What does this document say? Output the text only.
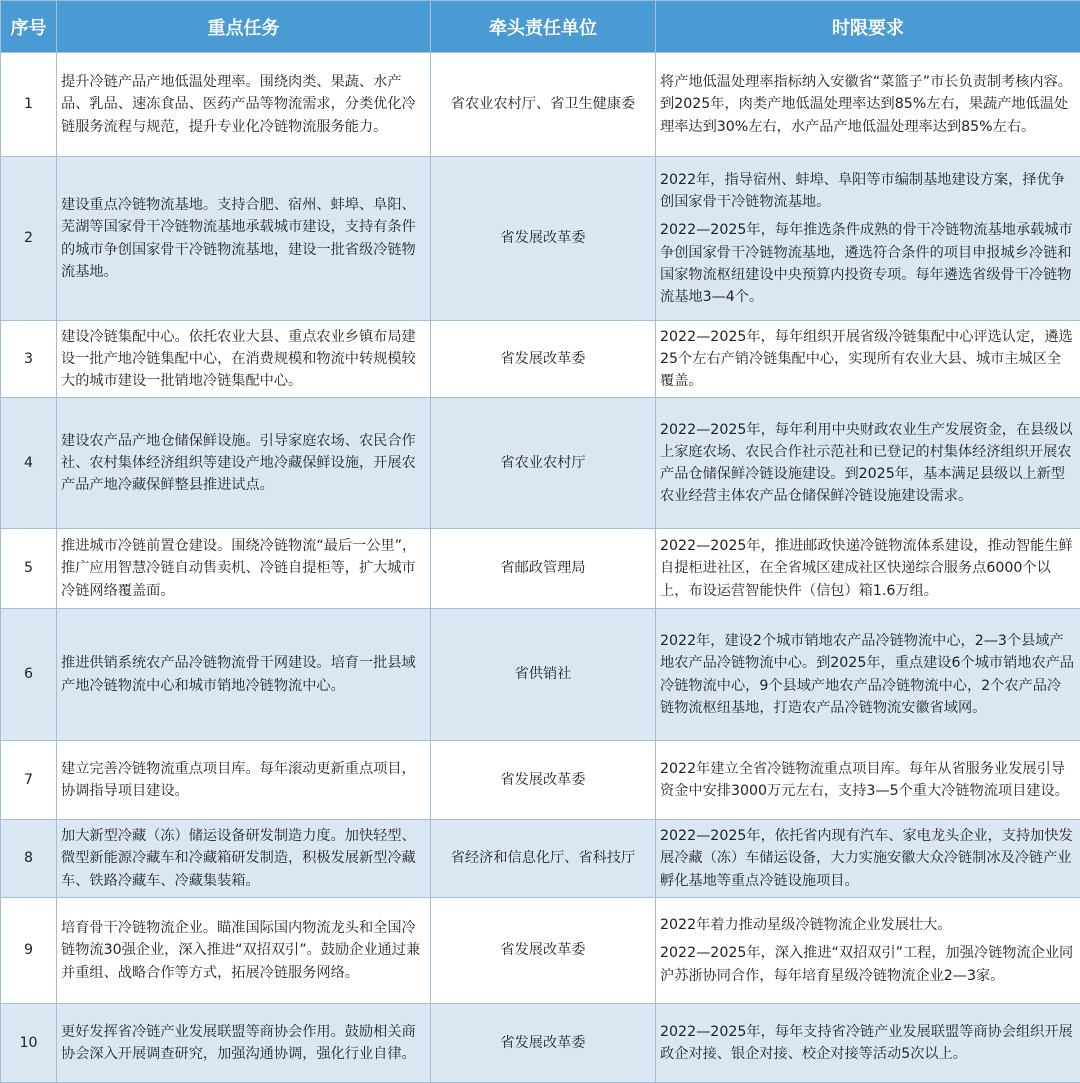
序号	重点任务	牵头责任单位	时限要求
1	提升冷链产品产地低温处理率。围绕肉类、果蔬、水产品、乳品、速冻食品、医药产品等物流需求，分类优化冷链服务流程与规范，提升专业化冷链物流服务能力。	省农业农村厅、省卫生健康委	将产地低温处理率指标纳入安徽省“菜篮子”市长负责制考核内容。到2025年，肉类产地低温处理率达到85%左右，果蔬产地低温处理率达到30%左右，水产品产地低温处理率达到85%左右。

2	建设重点冷链物流基地。支持合肥、宿州、蚌埠、阜阳、芜湖等国家骨干冷链物流基地承载城市建设，支持有条件的城市争创国家骨干冷链物流基地，建设一批省级冷链物流基地。	省发展改革委	2022年，指导宿州、蚌埠、阜阳等市编制基地建设方案，择优争创国家骨干冷链物流基地。
2022—2025年，每年推选条件成熟的骨干冷链物流基地承载城市争创国家骨干冷链物流基地，遴选符合条件的项目申报城乡冷链和国家物流枢纽建设中央预算内投资专项。每年遴选省级骨干冷链物流基地3—4个。

3	建设冷链集配中心。依托农业大县、重点农业乡镇布局建设一批产地冷链集配中心，在消费规模和物流中转规模较大的城市建设一批销地冷链集配中心。	省发展改革委	2022—2025年，每年组织开展省级冷链集配中心评选认定，遴选25个左右产销冷链集配中心，实现所有农业大县、城市主城区全覆盖。

4	建设农产品产地仓储保鲜设施。引导家庭农场、农民合作社、农村集体经济组织等建设产地冷藏保鲜设施，开展农产品产地冷藏保鲜整县推进试点。	省农业农村厅	2022—2025年，每年利用中央财政农业生产发展资金，在县级以上家庭农场、农民合作社示范社和已登记的村集体经济组织开展农产品仓储保鲜冷链设施建设。到2025年，基本满足县级以上新型农业经营主体农产品仓储保鲜冷链设施建设需求。

5	推进城市冷链前置仓建设。围绕冷链物流“最后一公里”，推广应用智慧冷链自动售卖机、冷链自提柜等，扩大城市冷链网络覆盖面。	省邮政管理局	2022—2025年，推进邮政快递冷链物流体系建设，推动智能生鲜自提柜进社区，在全省城区建成社区快递综合服务点6000个以上，布设运营智能快件（信包）箱1.6万组。

6	推进供销系统农产品冷链物流骨干网建设。培育一批县域产地冷链物流中心和城市销地冷链物流中心。	省供销社	2022年，建设2个城市销地农产品冷链物流中心，2—3个县域产地农产品冷链物流中心。到2025年，重点建设6个城市销地农产品冷链物流中心，9个县域产地农产品冷链物流中心，2个农产品冷链物流枢纽基地，打造农产品冷链物流安徽省域网。

7	建立完善冷链物流重点项目库。每年滚动更新重点项目，协调指导项目建设。	省发展改革委	2022年建立全省冷链物流重点项目库。每年从省服务业发展引导资金中安排3000万元左右，支持3—5个重大冷链物流项目建设。

8	加大新型冷藏（冻）储运设备研发制造力度。加快轻型、微型新能源冷藏车和冷藏箱研发制造，积极发展新型冷藏车、铁路冷藏车、冷藏集装箱。	省经济和信息化厅、省科技厅	2022—2025年，依托省内现有汽车、家电龙头企业，支持加快发展冷藏（冻）车储运设备，大力实施安徽大众冷链制冰及冷链产业孵化基地等重点冷链设施项目。

9	培育骨干冷链物流企业。瞄准国际国内物流龙头和全国冷链物流30强企业，深入推进“双招双引”。鼓励企业通过兼并重组、战略合作等方式，拓展冷链服务网络。	省发展改革委	2022年着力推动星级冷链物流企业发展壮大。
2022—2025年，深入推进“双招双引”工程，加强冷链物流企业同沪苏浙协同合作，每年培育星级冷链物流企业2—3家。

10	更好发挥省冷链产业发展联盟等商协会作用。鼓励相关商协会深入开展调查研究，加强沟通协调，强化行业自律。	省发展改革委	2022—2025年，每年支持省冷链产业发展联盟等商协会组织开展政企对接、银企对接、校企对接等活动5次以上。
